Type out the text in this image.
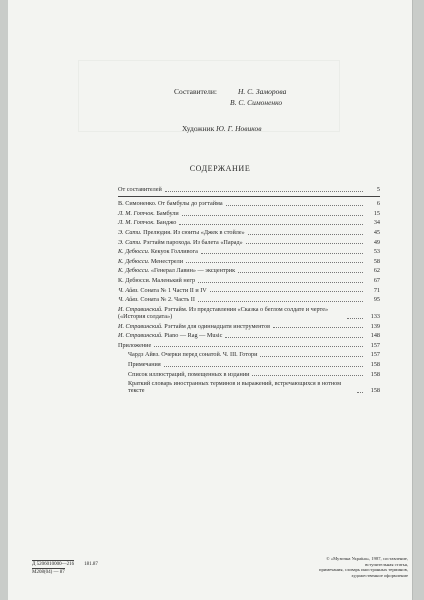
Составители:	Н. С. Заморова
В. С. Симоненко
Художник Ю. Г. Новиков
СОДЕРЖАНИЕ
От составителей	5
В. Симоненко. От бамбулы до рэгтайма	6
Л. М. Готчок. Бамбули	15
Л. М. Готчок. Банджо	34
Э. Сати. Прелюдия. Из сюиты «Джек в стойле»	45
Э. Сати. Рэгтайм парохода. Из балета «Парад»	49
К. Дебюсси. Кекуок Голливога	53
К. Дебюсси. Менестрели	58
К. Дебюсси. «Генерал Лавин» — эксцентрик	62
К. Дебюсси. Маленький негр	67
Ч. Айвз. Соната № 1 Части II и IV	71
Ч. Айвз. Соната № 2. Часть II	95
И. Стравинский. Рэгтайм. Из представления «Сказка о беглом солдате и черте» («История солдата»)	133
И. Стравинский. Рэгтайм для одиннадцати инструментов	139
И. Стравинский. Piano — Rag — Music	148
Приложение	157
Чардз Айвз. Очерки перед сонатой. Ч. III. Готори	157
Примечания	158
Список иллюстраций, помещенных в издании	158
Краткий словарь иностранных терминов и выражений, встречающихся в нотном тексте	158
Д 5206010000—216 181.87
М208(04) — 87
© «Музична Україна», 1987, составление,
вступительная статья,
примечания, словарь иностранных терминов,
художественное оформление
